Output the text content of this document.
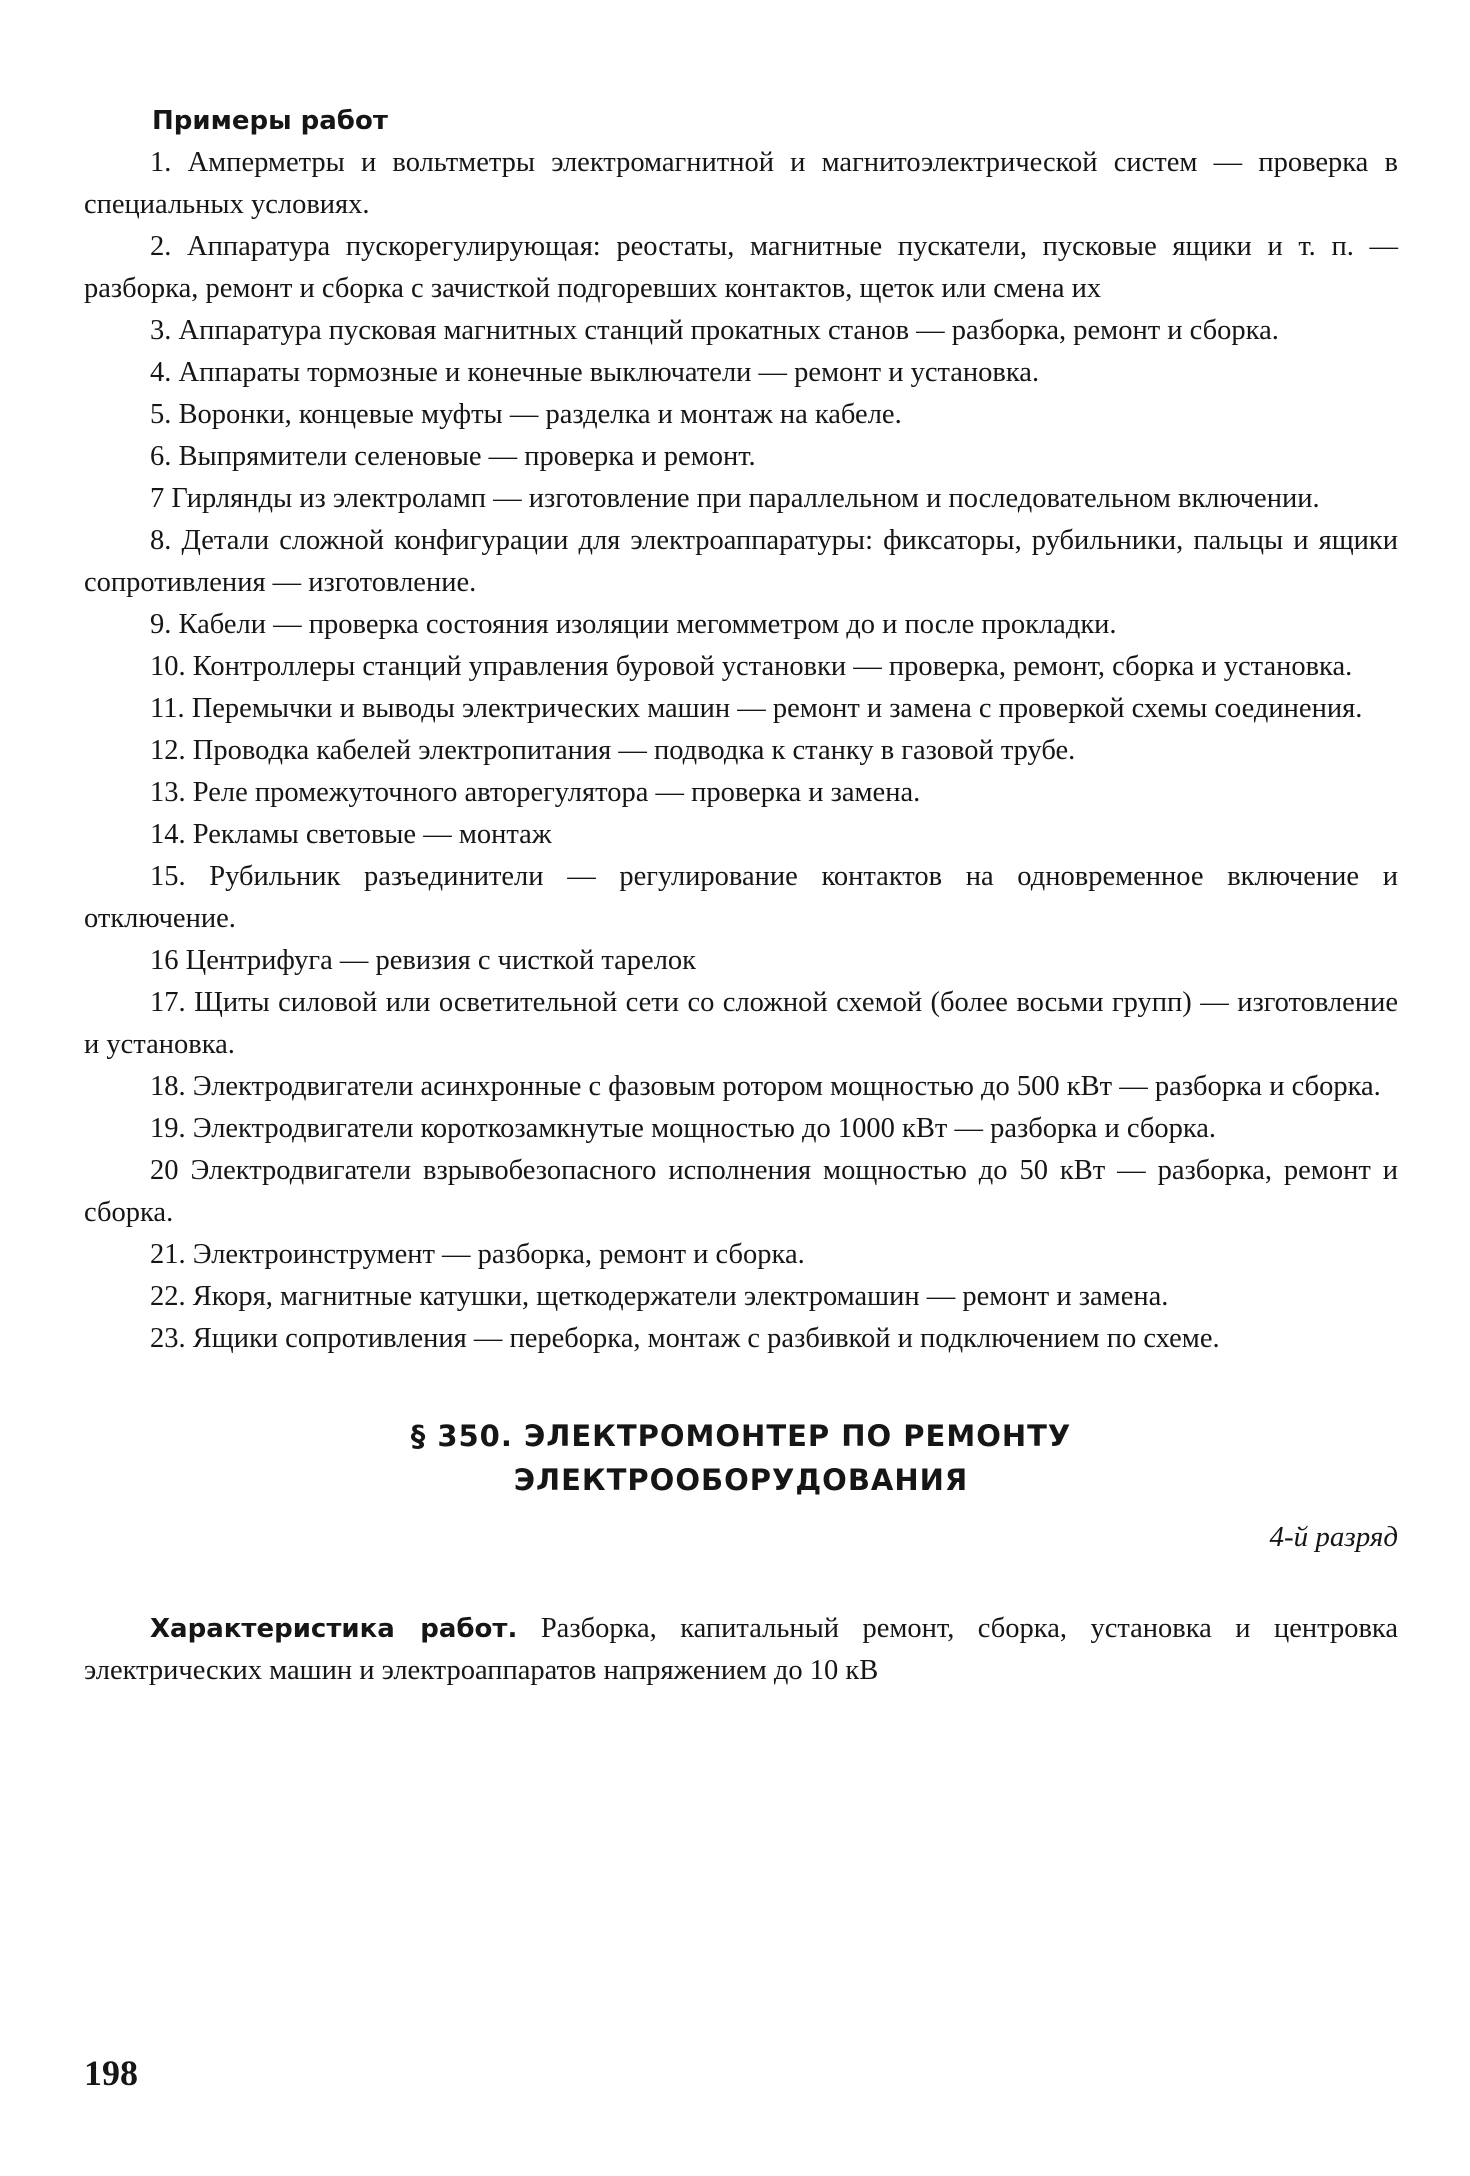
Примеры работ
1. Амперметры и вольтметры электромагнитной и магнитоэлектрической систем — проверка в специальных условиях.
2. Аппаратура пускорегулирующая: реостаты, магнитные пускатели, пусковые ящики и т. п. — разборка, ремонт и сборка с зачисткой подгоревших контактов, щеток или смена их
3. Аппаратура пусковая магнитных станций прокатных станов — разборка, ремонт и сборка.
4. Аппараты тормозные и конечные выключатели — ремонт и установка.
5. Воронки, концевые муфты — разделка и монтаж на кабеле.
6. Выпрямители селеновые — проверка и ремонт.
7 Гирлянды из электроламп — изготовление при параллельном и последовательном включении.
8. Детали сложной конфигурации для электроаппаратуры: фиксаторы, рубильники, пальцы и ящики сопротивления — изготовление.
9. Кабели — проверка состояния изоляции мегомметром до и после прокладки.
10. Контроллеры станций управления буровой установки — проверка, ремонт, сборка и установка.
11. Перемычки и выводы электрических машин — ремонт и замена с проверкой схемы соединения.
12. Проводка кабелей электропитания — подводка к станку в газовой трубе.
13. Реле промежуточного авторегулятора — проверка и замена.
14. Рекламы световые — монтаж
15. Рубильник разъединители — регулирование контактов на одновременное включение и отключение.
16 Центрифуга — ревизия с чисткой тарелок
17. Щиты силовой или осветительной сети со сложной схемой (более восьми групп) — изготовление и установка.
18. Электродвигатели асинхронные с фазовым ротором мощностью до 500 кВт — разборка и сборка.
19. Электродвигатели короткозамкнутые мощностью до 1000 кВт — разборка и сборка.
20 Электродвигатели взрывобезопасного исполнения мощностью до 50 кВт — разборка, ремонт и сборка.
21. Электроинструмент — разборка, ремонт и сборка.
22. Якоря, магнитные катушки, щеткодержатели электромашин — ремонт и замена.
23. Ящики сопротивления — переборка, монтаж с разбивкой и подключением по схеме.
§ 350. ЭЛЕКТРОМОНТЕР ПО РЕМОНТУ
ЭЛЕКТРООБОРУДОВАНИЯ
4-й разряд

Характеристика работ. Разборка, капитальный ремонт, сборка, установка и центровка электрических машин и электроаппаратов напряжением до 10 кВ

198
